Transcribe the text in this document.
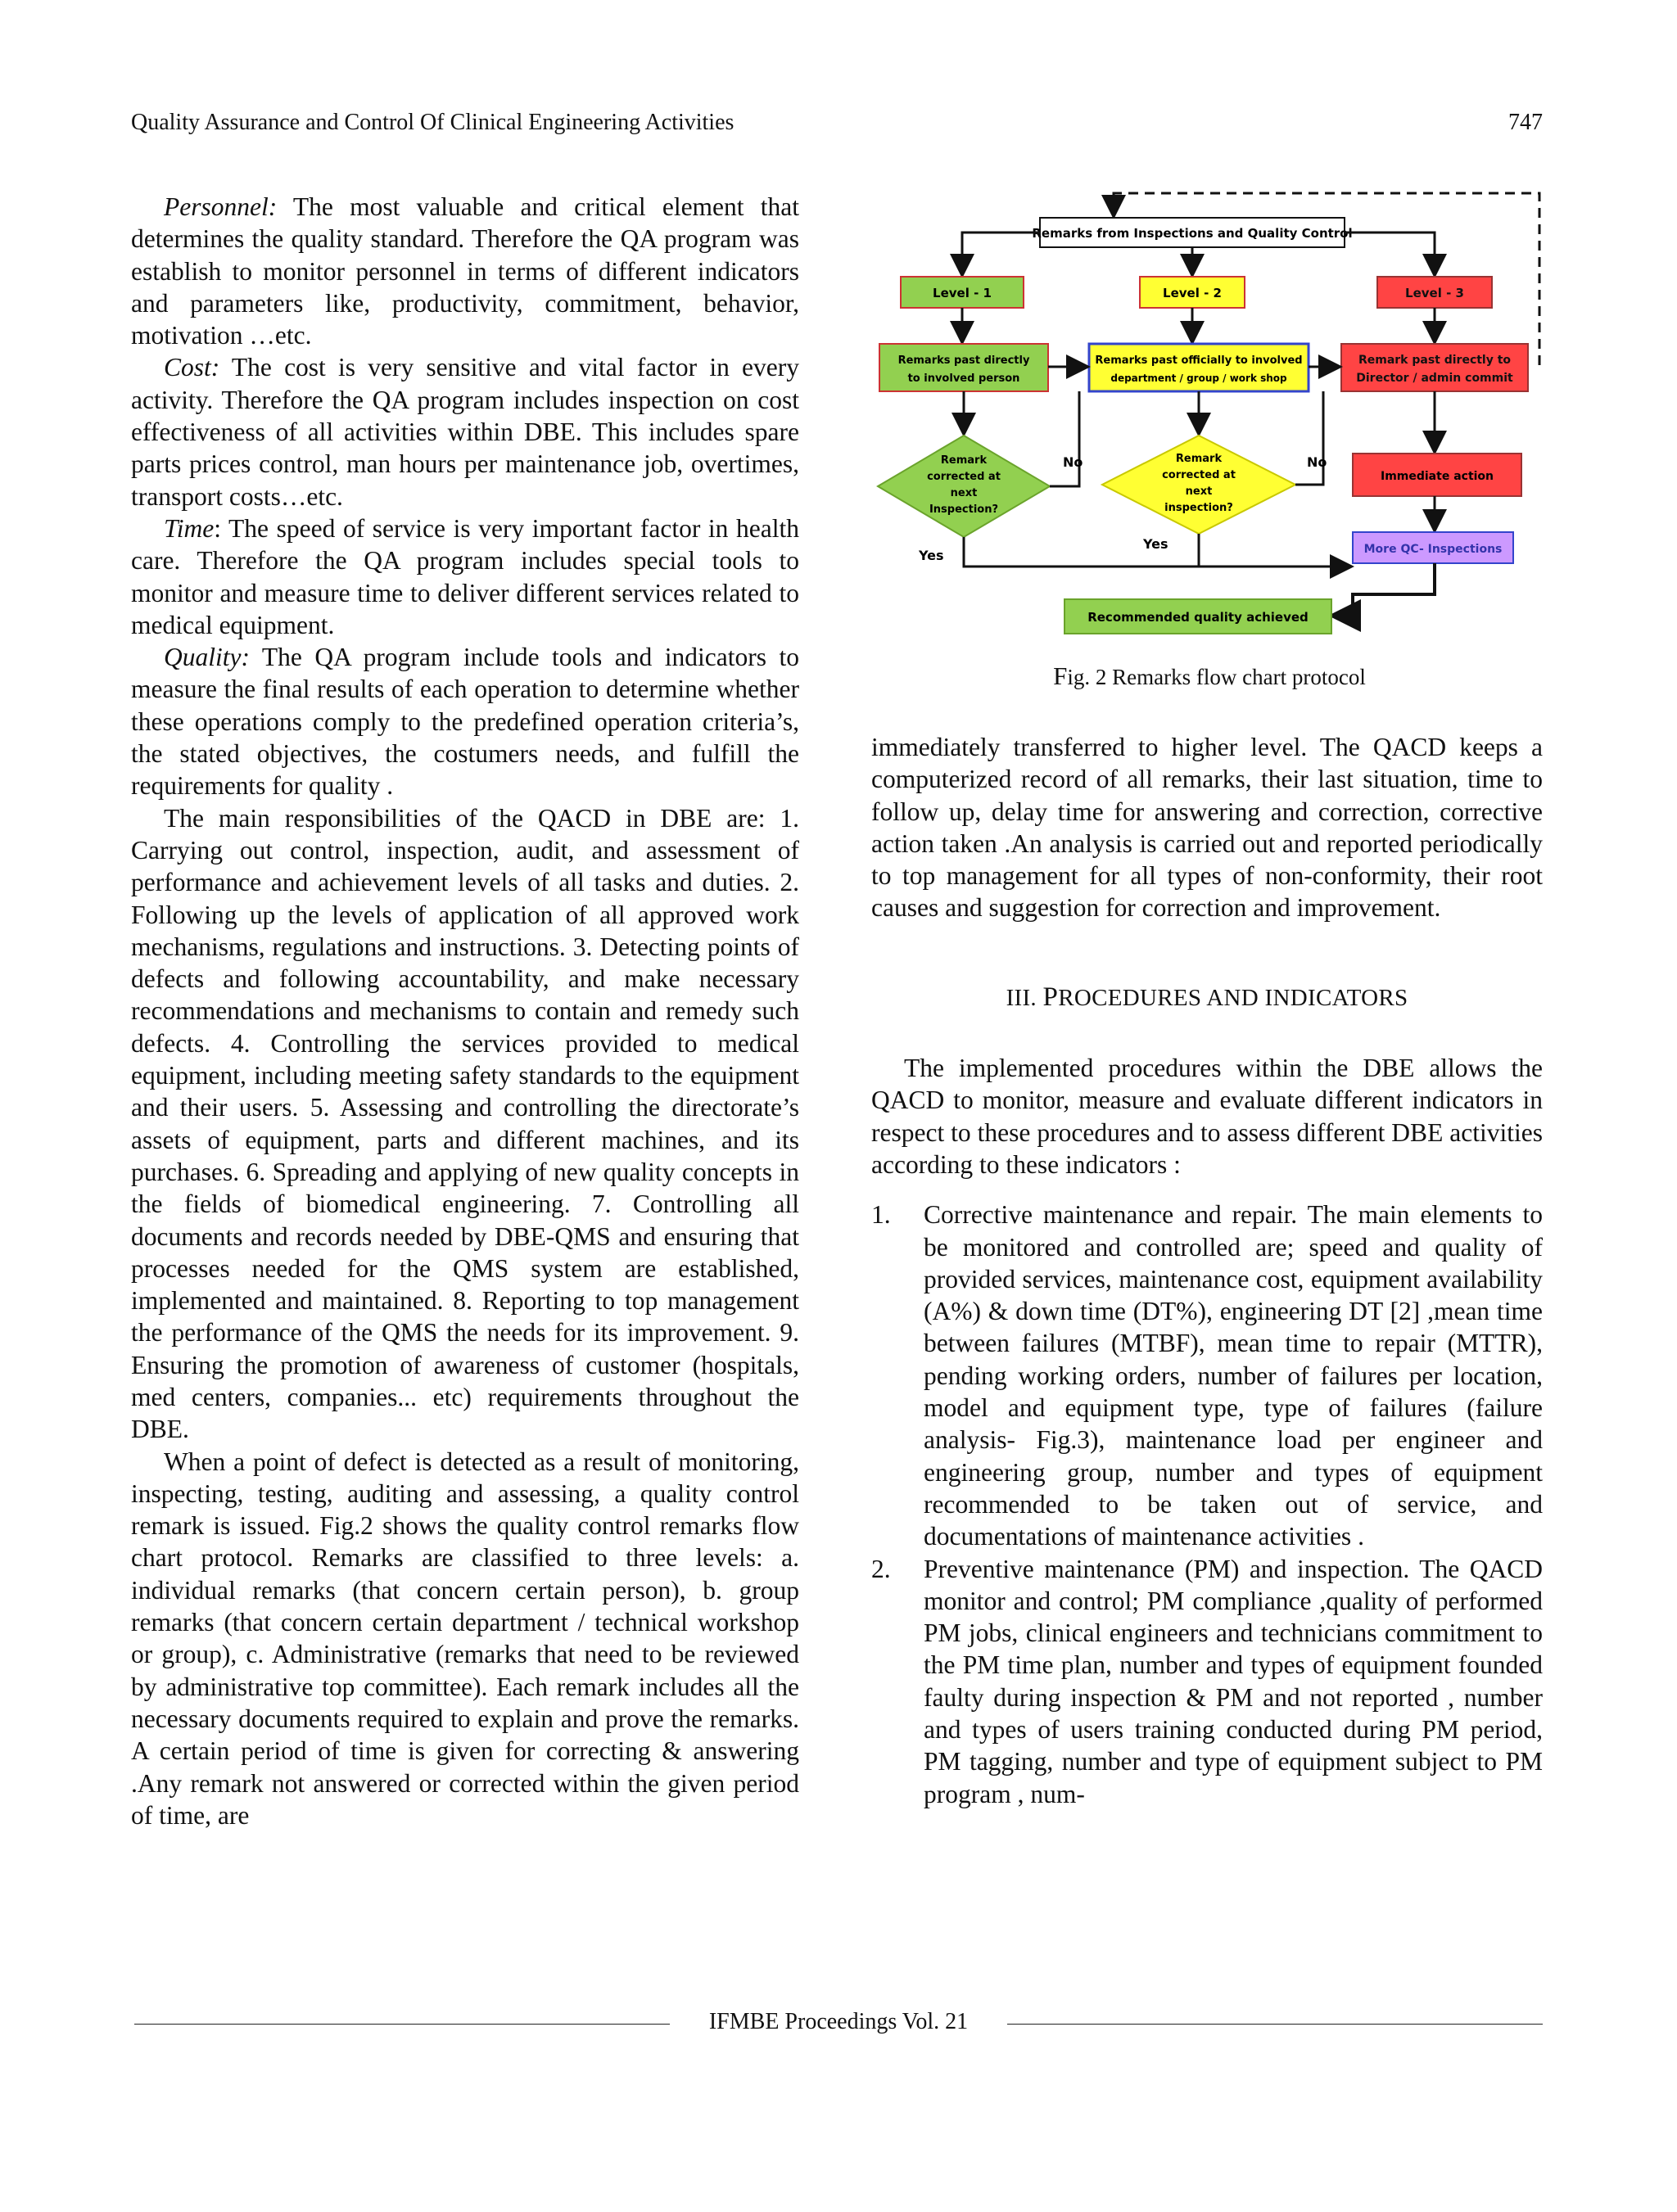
Quality Assurance and Control Of Clinical Engineering Activities	747

Personnel: The most valuable and critical element that determines the quality standard. Therefore the QA program was establish to monitor personnel in terms of different indicators and parameters like, productivity, commitment, behavior, motivation …etc.

Cost: The cost is very sensitive and vital factor in every activity. Therefore the QA program includes inspection on cost effectiveness of all activities within DBE. This includes spare parts prices control, man hours per maintenance job, overtimes, transport costs…etc.

Time: The speed of service is very important factor in health care. Therefore the QA program includes special tools to monitor and measure time to deliver different services related to medical equipment.

Quality: The QA program include tools and indicators to measure the final results of each operation to determine whether these operations comply to the predefined operation criteria’s, the stated objectives, the costumers needs, and fulfill the requirements for quality .

The main responsibilities of the QACD in DBE are: 1. Carrying out control, inspection, audit, and assessment of performance and achievement levels of all tasks and duties. 2. Following up the levels of application of all approved work mechanisms, regulations and instructions. 3. Detecting points of defects and following accountability, and make necessary recommendations and mechanisms to contain and remedy such defects. 4. Controlling the services provided to medical equipment, including meeting safety standards to the equipment and their users. 5. Assessing and controlling the directorate’s assets of equipment, parts and different machines, and its purchases. 6. Spreading and applying of new quality concepts in the fields of biomedical engineering. 7. Controlling all documents and records needed by DBE-QMS and ensuring that processes needed for the QMS system are established, implemented and maintained. 8. Reporting to top management the performance of the QMS the needs for its improvement. 9. Ensuring the promotion of awareness of customer (hospitals, med centers, companies... etc) requirements throughout the DBE.

When a point of defect is detected as a result of monitoring, inspecting, testing, auditing and assessing, a quality control remark is issued. Fig.2 shows the quality control remarks flow chart protocol. Remarks are classified to three levels: a. individual remarks (that concern certain person), b. group remarks (that concern certain department / technical workshop or group), c. Administrative (remarks that need to be reviewed by administrative top committee). Each remark includes all the necessary documents required to explain and prove the remarks. A certain period of time is given for correcting & answering .Any remark not answered or corrected within the given period of time, are

Remarks from Inspections and Quality Control
Level - 1	Level - 2	Level - 3
Remarks past directly
to involved person
Remarks past officially to involved
department / group / work shop
Remark past directly to
Director / admin commit
Remark
corrected at
next
Inspection?
Remark
corrected at
next
inspection?
No	No
Immediate action
More QC- Inspections
Yes
Yes
Recommended quality achieved
Fig. 2 Remarks flow chart protocol

immediately transferred to higher level. The QACD keeps a computerized record of all remarks, their last situation, time to follow up, delay time for answering and correction, corrective action taken .An analysis is carried out and reported periodically to top management for all types of non-conformity, their root causes and suggestion for correction and improvement.

III. PROCEDURES AND INDICATORS

The implemented procedures within the DBE allows the QACD to monitor, measure and evaluate different indicators in respect to these procedures and to assess different DBE activities according to these indicators :

1. Corrective maintenance and repair. The main elements to be monitored and controlled are; speed and quality of provided services, maintenance cost, equipment availability (A%) & down time (DT%), engineering DT [2] ,mean time between failures (MTBF), mean time to repair (MTTR), pending working orders, number of failures per location, model and equipment type, type of failures (failure analysis- Fig.3), maintenance load per engineer and engineering group, number and types of equipment recommended to be taken out of service, and documentations of maintenance activities .
2. Preventive maintenance (PM) and inspection. The QACD monitor and control; PM compliance ,quality of performed PM jobs, clinical engineers and technicians commitment to the PM time plan, number and types of equipment founded faulty during inspection & PM and not reported , number and types of users training conducted during PM period, PM tagging, number and type of equipment subject to PM program , num-
IFMBE Proceedings Vol. 21
